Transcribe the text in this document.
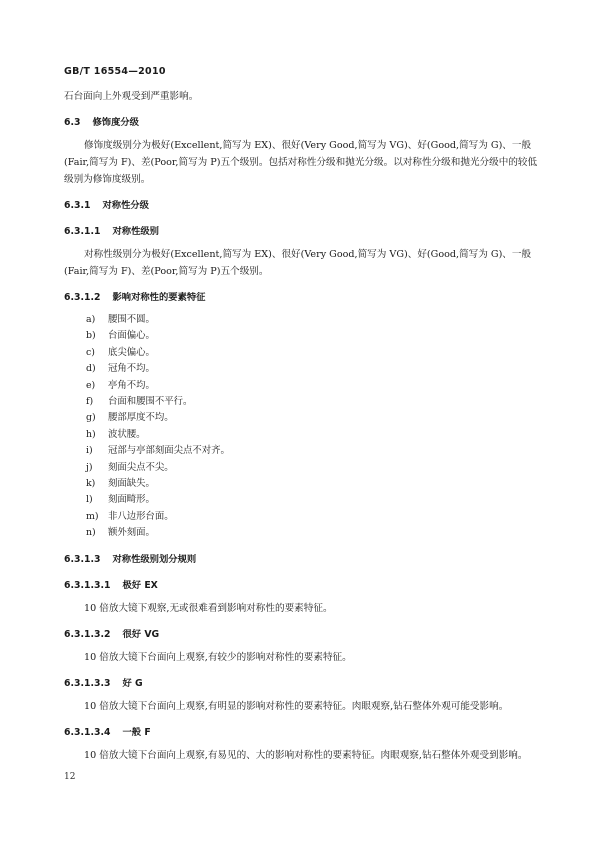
GB/T 16554—2010

石台面向上外观受到严重影响。

6.3 修饰度分级

修饰度级别分为极好(Excellent,简写为 EX)、很好(Very Good,简写为 VG)、好(Good,简写为 G)、一般(Fair,简写为 F)、差(Poor,简写为 P)五个级别。包括对称性分级和抛光分级。以对称性分级和抛光分级中的较低级别为修饰度级别。

6.3.1 对称性分级
6.3.1.1 对称性级别

对称性级别分为极好(Excellent,简写为 EX)、很好(Very Good,简写为 VG)、好(Good,简写为 G)、一般(Fair,简写为 F)、差(Poor,简写为 P)五个级别。

6.3.1.2 影响对称性的要素特征
a) 腰围不圆。
b) 台面偏心。
c) 底尖偏心。
d) 冠角不均。
e) 亭角不均。
f) 台面和腰围不平行。
g) 腰部厚度不均。
h) 波状腰。
i) 冠部与亭部刻面尖点不对齐。
j) 刻面尖点不尖。
k) 刻面缺失。
l) 刻面畸形。
m) 非八边形台面。
n) 额外刻面。
6.3.1.3 对称性级别划分规则
6.3.1.3.1 极好 EX

10 倍放大镜下观察,无或很难看到影响对称性的要素特征。

6.3.1.3.2 很好 VG

10 倍放大镜下台面向上观察,有较少的影响对称性的要素特征。

6.3.1.3.3 好 G

10 倍放大镜下台面向上观察,有明显的影响对称性的要素特征。肉眼观察,钻石整体外观可能受影响。

6.3.1.3.4 一般 F

10 倍放大镜下台面向上观察,有易见的、大的影响对称性的要素特征。肉眼观察,钻石整体外观受到影响。

12
